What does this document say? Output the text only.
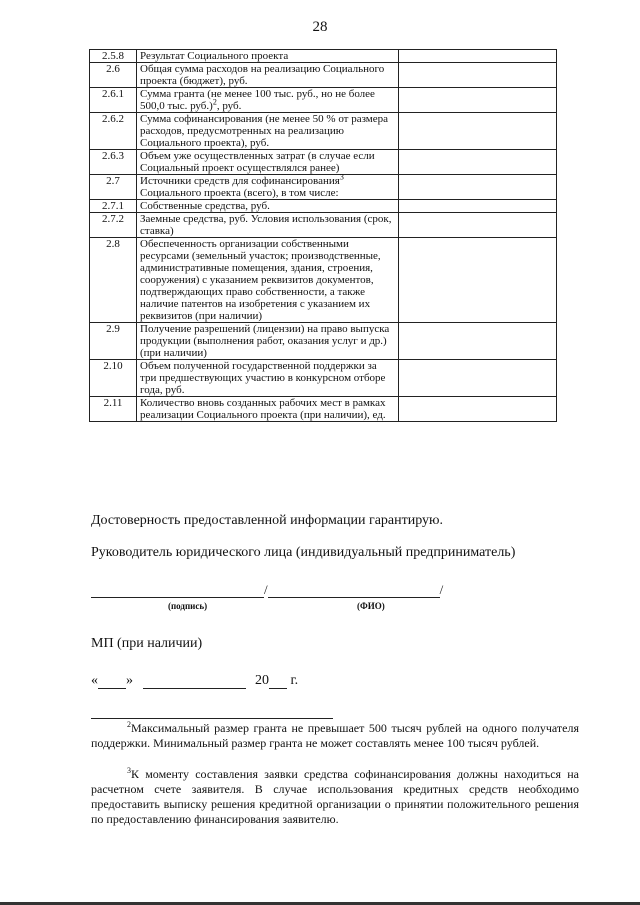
28
2.5.8	Результат Социального проекта	
2.6	Общая сумма расходов на реализацию Социального проекта (бюджет), руб.	
2.6.1	Сумма гранта (не менее 100 тыс. руб., но не более 500,0 тыс. руб.)$^2$, руб.	
2.6.2	Сумма софинансирования (не менее 50 % от размера расходов, предусмотренных на реализацию Социального проекта), руб.	
2.6.3	Объем уже осуществленных затрат (в случае если Социальный проект осуществлялся ранее)	
2.7	Источники средств для софинансирования$^3$ Социального проекта (всего), в том числе:	
2.7.1	Собственные средства, руб.	
2.7.2	Заемные средства, руб. Условия использования (срок, ставка)	
2.8	Обеспеченность организации собственными ресурсами (земельный участок; производственные, административные помещения, здания, строения, сооружения) с указанием реквизитов документов, подтверждающих право собственности, а также наличие патентов на изобретения с указанием их реквизитов (при наличии)	
2.9	Получение разрешений (лицензии) на право выпуска продукции (выполнения работ, оказания услуг и др.) (при наличии)	
2.10	Объем полученной государственной поддержки за три предшествующих участию в конкурсном отборе года, руб.	
2.11	Количество вновь созданных рабочих мест в рамках реализации Социального проекта (при наличии), ед.	
Достоверность предоставленной информации гарантирую.
Руководитель юридического лица (индивидуальный предприниматель)
/	/
(подпись)	(ФИО)
МП (при наличии)
« »	20 г.

$^2$Максимальный размер гранта не превышает 500 тысяч рублей на одного получателя поддержки. Минимальный размер гранта не может составлять менее 100 тысяч рублей.

$^3$К моменту составления заявки средства софинансирования должны находиться на расчетном счете заявителя. В случае использования кредитных средств необходимо предоставить выписку решения кредитной организации о принятии положительного решения по предоставлению финансирования заявителю.
